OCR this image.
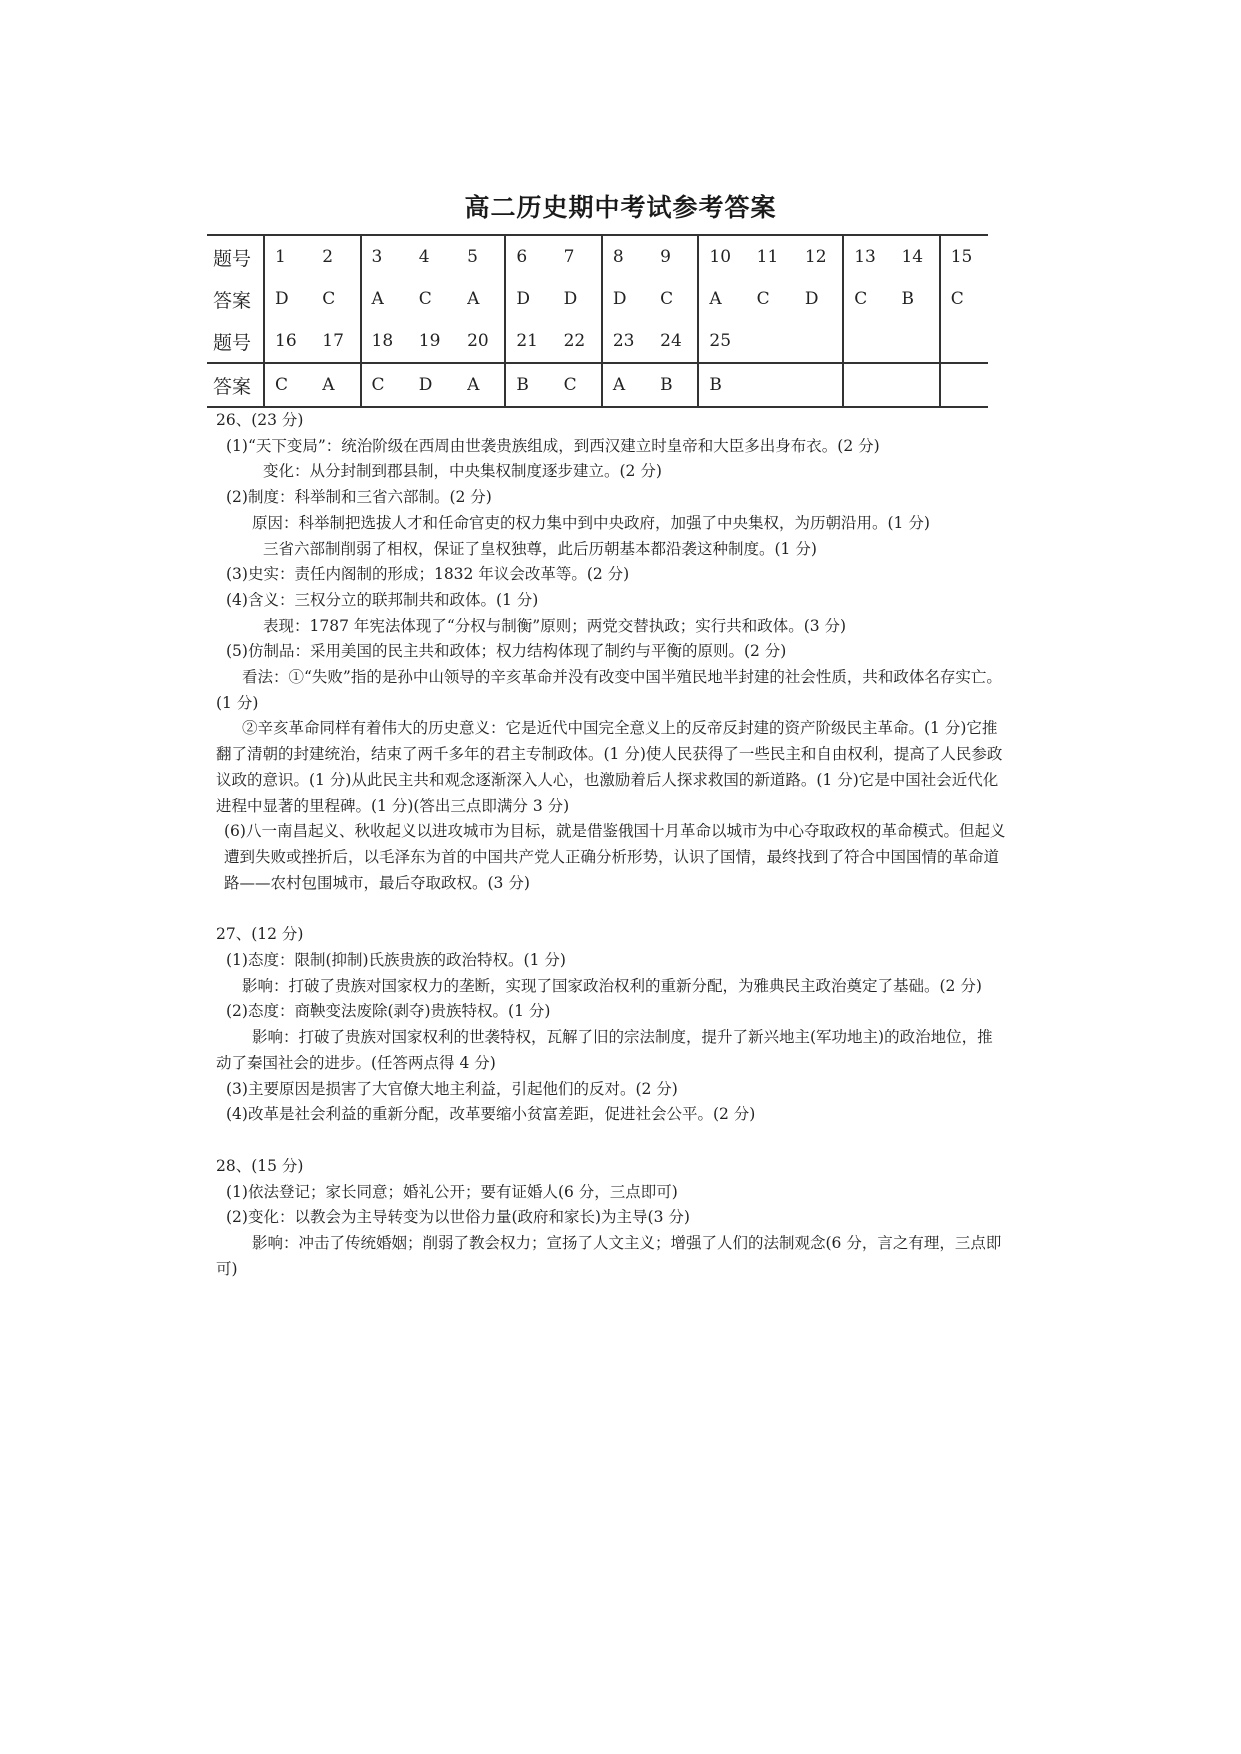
高二历史期中考试参考答案
题号	1	2	3	4	5	6	7	8	9	10	11	12	13	14	15
答案	D	C	A	C	A	D	D	D	C	A	C	D	C	B	C
题号	16	17	18	19	20	21	22	23	24	25					
答案	C	A	C	D	A	B	C	A	B	B					

26、(23 分)

(1)“天下变局”：统治阶级在西周由世袭贵族组成，到西汉建立时皇帝和大臣多出身布衣。(2 分)

变化：从分封制到郡县制，中央集权制度逐步建立。(2 分)

(2)制度：科举制和三省六部制。(2 分)

原因：科举制把选拔人才和任命官吏的权力集中到中央政府，加强了中央集权，为历朝沿用。(1 分)

三省六部制削弱了相权，保证了皇权独尊，此后历朝基本都沿袭这种制度。(1 分)

(3)史实：责任内阁制的形成；1832 年议会改革等。(2 分)

(4)含义：三权分立的联邦制共和政体。(1 分)

表现：1787 年宪法体现了“分权与制衡”原则；两党交替执政；实行共和政体。(3 分)

(5)仿制品：采用美国的民主共和政体；权力结构体现了制约与平衡的原则。(2 分)

看法：①“失败”指的是孙中山领导的辛亥革命并没有改变中国半殖民地半封建的社会性质，共和政体名存实亡。(1 分)

②辛亥革命同样有着伟大的历史意义：它是近代中国完全意义上的反帝反封建的资产阶级民主革命。(1 分)它推翻了清朝的封建统治，结束了两千多年的君主专制政体。(1 分)使人民获得了一些民主和自由权利，提高了人民参政议政的意识。(1 分)从此民主共和观念逐渐深入人心，也激励着后人探求救国的新道路。(1 分)它是中国社会近代化进程中显著的里程碑。(1 分)(答出三点即满分 3 分)

(6)八一南昌起义、秋收起义以进攻城市为目标，就是借鉴俄国十月革命以城市为中心夺取政权的革命模式。但起义遭到失败或挫折后，以毛泽东为首的中国共产党人正确分析形势，认识了国情，最终找到了符合中国国情的革命道路——农村包围城市，最后夺取政权。(3 分)

27、(12 分)

(1)态度：限制(抑制)氏族贵族的政治特权。(1 分)

影响：打破了贵族对国家权力的垄断，实现了国家政治权利的重新分配，为雅典民主政治奠定了基础。(2 分)

(2)态度：商鞅变法废除(剥夺)贵族特权。(1 分)

影响：打破了贵族对国家权利的世袭特权，瓦解了旧的宗法制度，提升了新兴地主(军功地主)的政治地位，推动了秦国社会的进步。(任答两点得 4 分)

(3)主要原因是损害了大官僚大地主利益，引起他们的反对。(2 分)

(4)改革是社会利益的重新分配，改革要缩小贫富差距，促进社会公平。(2 分)

28、(15 分)

(1)依法登记；家长同意；婚礼公开；要有证婚人(6 分，三点即可)

(2)变化：以教会为主导转变为以世俗力量(政府和家长)为主导(3 分)

影响：冲击了传统婚姻；削弱了教会权力；宣扬了人文主义；增强了人们的法制观念(6 分，言之有理，三点即可)
